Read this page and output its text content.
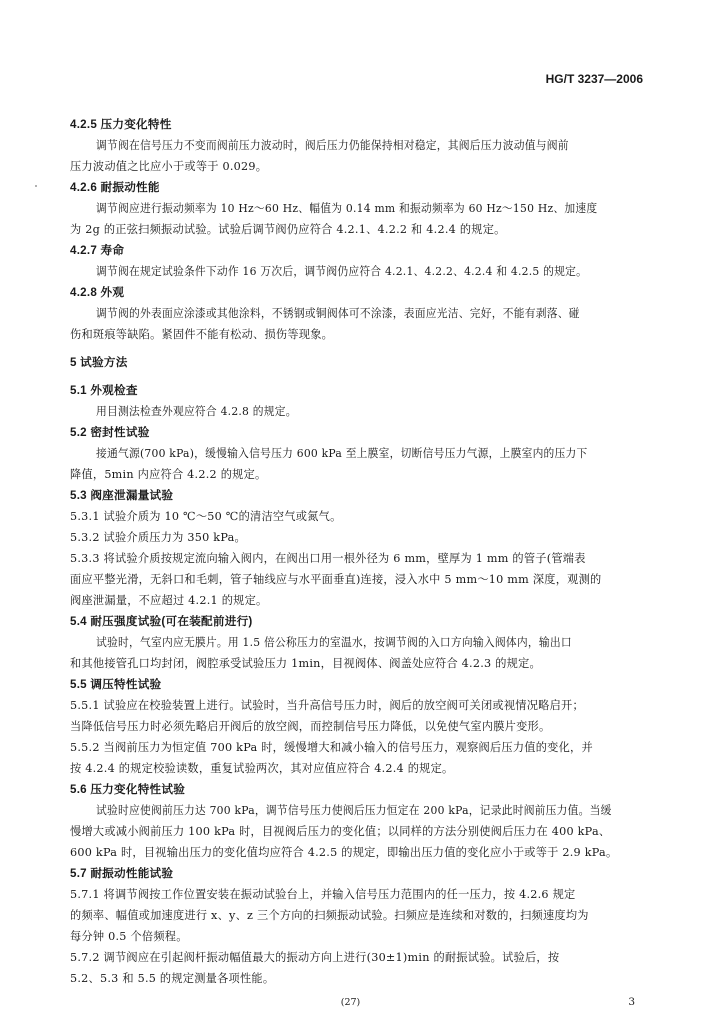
HG/T 3237—2006
4.2.5 压力变化特性
调节阀在信号压力不变而阀前压力波动时，阀后压力仍能保持相对稳定，其阀后压力波动值与阀前
压力波动值之比应小于或等于 0.029。
4.2.6 耐振动性能
调节阀应进行振动频率为 10 Hz～60 Hz、幅值为 0.14 mm 和振动频率为 60 Hz～150 Hz、加速度
为 2g 的正弦扫频振动试验。试验后调节阀仍应符合 4.2.1、4.2.2 和 4.2.4 的规定。
4.2.7 寿命
调节阀在规定试验条件下动作 16 万次后，调节阀仍应符合 4.2.1、4.2.2、4.2.4 和 4.2.5 的规定。
4.2.8 外观
调节阀的外表面应涂漆或其他涂料，不锈钢或铜阀体可不涂漆，表面应光洁、完好，不能有剥落、碰
伤和斑痕等缺陷。紧固件不能有松动、损伤等现象。
5 试验方法
5.1 外观检查
用目测法检查外观应符合 4.2.8 的规定。
5.2 密封性试验
接通气源(700 kPa)，缓慢输入信号压力 600 kPa 至上膜室，切断信号压力气源，上膜室内的压力下
降值，5min 内应符合 4.2.2 的规定。
5.3 阀座泄漏量试验
5.3.1 试验介质为 10 ℃～50 ℃的清洁空气或氮气。
5.3.2 试验介质压力为 350 kPa。
5.3.3 将试验介质按规定流向输入阀内，在阀出口用一根外径为 6 mm，壁厚为 1 mm 的管子(管端表
面应平整光滑，无斜口和毛刺，管子轴线应与水平面垂直)连接，浸入水中 5 mm～10 mm 深度，观测的
阀座泄漏量，不应超过 4.2.1 的规定。
5.4 耐压强度试验(可在装配前进行)
试验时，气室内应无膜片。用 1.5 倍公称压力的室温水，按调节阀的入口方向输入阀体内，输出口
和其他接管孔口均封闭，阀腔承受试验压力 1min，目视阀体、阀盖处应符合 4.2.3 的规定。
5.5 调压特性试验
5.5.1 试验应在校验装置上进行。试验时，当升高信号压力时，阀后的放空阀可关闭或视情况略启开；
当降低信号压力时必须先略启开阀后的放空阀，而控制信号压力降低，以免使气室内膜片变形。
5.5.2 当阀前压力为恒定值 700 kPa 时，缓慢增大和减小输入的信号压力，观察阀后压力值的变化，并
按 4.2.4 的规定校验读数，重复试验两次，其对应值应符合 4.2.4 的规定。
5.6 压力变化特性试验
试验时应使阀前压力达 700 kPa，调节信号压力使阀后压力恒定在 200 kPa，记录此时阀前压力值。当缓
慢增大或减小阀前压力 100 kPa 时，目视阀后压力的变化值；以同样的方法分别使阀后压力在 400 kPa、
600 kPa 时，目视输出压力的变化值均应符合 4.2.5 的规定，即输出压力值的变化应小于或等于 2.9 kPa。
5.7 耐振动性能试验
5.7.1 将调节阀按工作位置安装在振动试验台上，并输入信号压力范围内的任一压力，按 4.2.6 规定
的频率、幅值或加速度进行 x、y、z 三个方向的扫频振动试验。扫频应是连续和对数的，扫频速度均为
每分钟 0.5 个倍频程。
5.7.2 调节阀应在引起阀杆振动幅值最大的振动方向上进行(30±1)min 的耐振试验。试验后，按
5.2、5.3 和 5.5 的规定测量各项性能。
(27)	3
